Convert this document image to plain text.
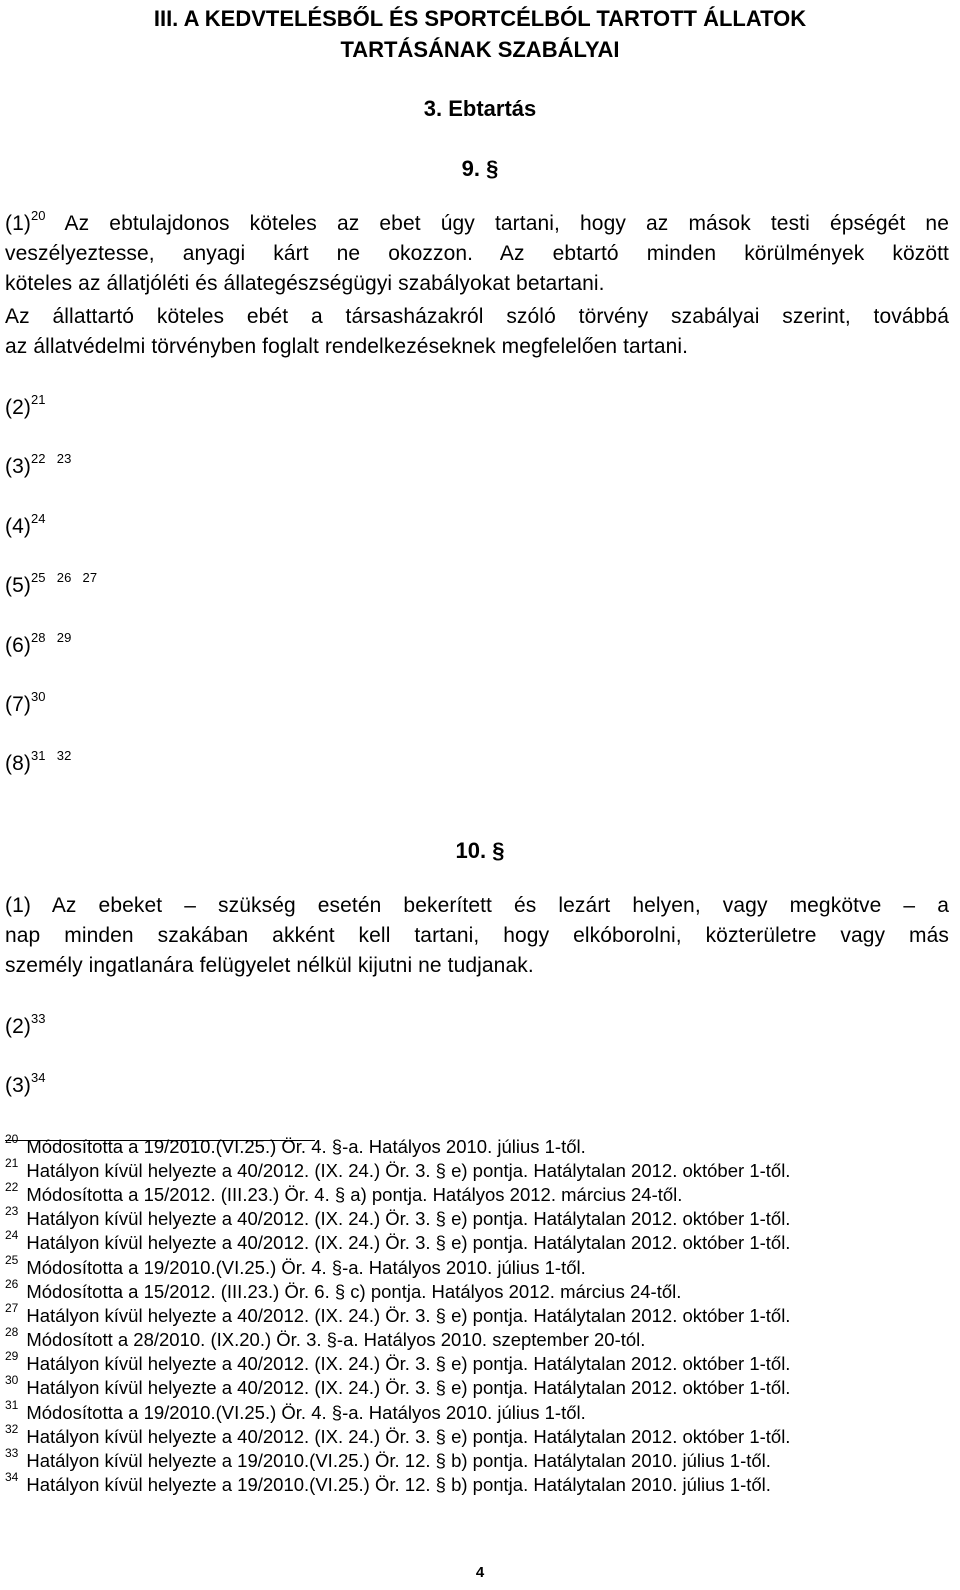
III. A KEDVTELÉSBŐL ÉS SPORTCÉLBÓL TARTOTT ÁLLATOK
TARTÁSÁNAK SZABÁLYAI
3. Ebtartás
9. §
$(1)^{20}$ Az ebtulajdonos köteles az ebet úgy tartani, hogy az mások testi épségét ne
veszélyeztesse, anyagi kárt ne okozzon. Az ebtartó minden körülmények között
köteles az állatjóléti és állategészségügyi szabályokat betartani.
Az állattartó köteles ebét a társasházakról szóló törvény szabályai szerint, továbbá
az állatvédelmi törvényben foglalt rendelkezéseknek megfelelően tartani.
$(2)^{21}$
$(3)^{22 23}$
$(4)^{24}$
$(5)^{25 26 27}$
$(6)^{28 29}$
$(7)^{30}$
$(8)^{31 32}$
10. §
(1) Az ebeket – szükség esetén bekerített és lezárt helyen, vagy megkötve – a
nap minden szakában akként kell tartani, hogy elkóborolni, közterületre vagy más
személy ingatlanára felügyelet nélkül kijutni ne tudjanak.
$(2)^{33}$
$(3)^{34}$
$^{20}$ Módosította a 19/2010.(VI.25.) Ör. 4. §-a. Hatályos 2010. július 1-től.
$^{21}$ Hatályon kívül helyezte a 40/2012. (IX. 24.) Ör. 3. § e) pontja. Hatálytalan 2012. október 1-től.
$^{22}$ Módosította a 15/2012. (III.23.) Ör. 4. § a) pontja. Hatályos 2012. március 24-től.
$^{23}$ Hatályon kívül helyezte a 40/2012. (IX. 24.) Ör. 3. § e) pontja. Hatálytalan 2012. október 1-től.
$^{24}$ Hatályon kívül helyezte a 40/2012. (IX. 24.) Ör. 3. § e) pontja. Hatálytalan 2012. október 1-től.
$^{25}$ Módosította a 19/2010.(VI.25.) Ör. 4. §-a. Hatályos 2010. július 1-től.
$^{26}$ Módosította a 15/2012. (III.23.) Ör. 6. § c) pontja. Hatályos 2012. március 24-től.
$^{27}$ Hatályon kívül helyezte a 40/2012. (IX. 24.) Ör. 3. § e) pontja. Hatálytalan 2012. október 1-től.
$^{28}$ Módosított a 28/2010. (IX.20.) Ör. 3. §-a. Hatályos 2010. szeptember 20-tól.
$^{29}$ Hatályon kívül helyezte a 40/2012. (IX. 24.) Ör. 3. § e) pontja. Hatálytalan 2012. október 1-től.
$^{30}$ Hatályon kívül helyezte a 40/2012. (IX. 24.) Ör. 3. § e) pontja. Hatálytalan 2012. október 1-től.
$^{31}$ Módosította a 19/2010.(VI.25.) Ör. 4. §-a. Hatályos 2010. július 1-től.
$^{32}$ Hatályon kívül helyezte a 40/2012. (IX. 24.) Ör. 3. § e) pontja. Hatálytalan 2012. október 1-től.
$^{33}$ Hatályon kívül helyezte a 19/2010.(VI.25.) Ör. 12. § b) pontja. Hatálytalan 2010. július 1-től.
$^{34}$ Hatályon kívül helyezte a 19/2010.(VI.25.) Ör. 12. § b) pontja. Hatálytalan 2010. július 1-től.
4
